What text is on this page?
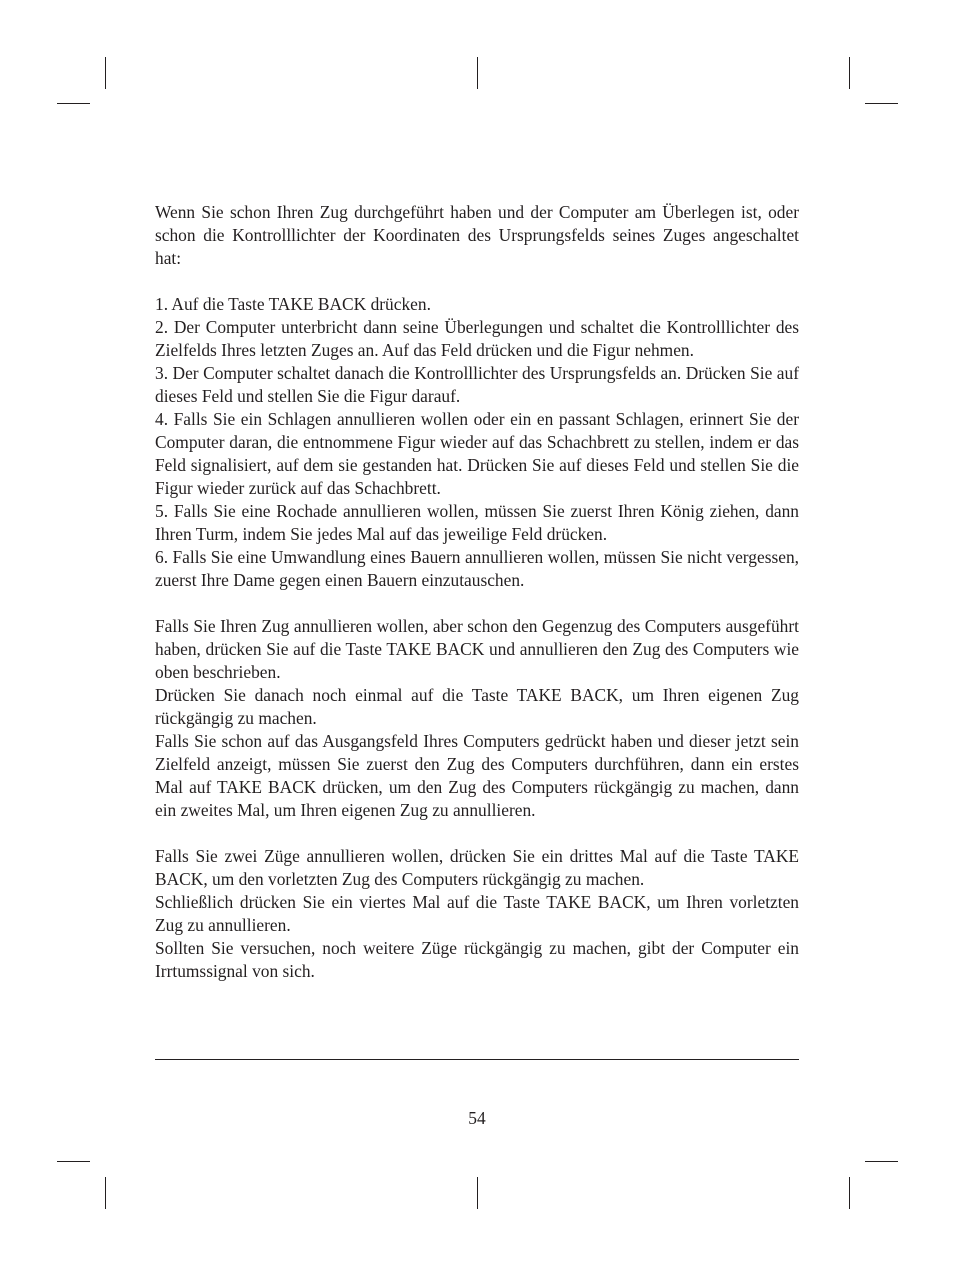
Wenn Sie schon Ihren Zug durchgeführt haben und der Computer am Überlegen ist, oder schon die Kontrolllichter der Koordinaten des Ursprungsfelds seines Zuges angeschaltet hat:

1. Auf die Taste TAKE BACK drücken.

2. Der Computer unterbricht dann seine Überlegungen und schaltet die Kontrolllichter des Zielfelds Ihres letzten Zuges an. Auf das Feld drücken und die Figur nehmen.

3. Der Computer schaltet danach die Kontrolllichter des Ursprungsfelds an. Drücken Sie auf dieses Feld und stellen Sie die Figur darauf.

4. Falls Sie ein Schlagen annullieren wollen oder ein en passant Schlagen, erinnert Sie der Computer daran, die entnommene Figur wieder auf das Schachbrett zu stellen, indem er das Feld signalisiert, auf dem sie gestanden hat. Drücken Sie auf dieses Feld und stellen Sie die Figur wieder zurück auf das Schachbrett.

5. Falls Sie eine Rochade annullieren wollen, müssen Sie zuerst Ihren König ziehen, dann Ihren Turm, indem Sie jedes Mal auf das jeweilige Feld drücken.

6. Falls Sie eine Umwandlung eines Bauern annullieren wollen, müssen Sie nicht vergessen, zuerst Ihre Dame gegen einen Bauern einzutauschen.

Falls Sie Ihren Zug annullieren wollen, aber schon den Gegenzug des Computers ausgeführt haben, drücken Sie auf die Taste TAKE BACK und annullieren den Zug des Computers wie oben beschrieben.

Drücken Sie danach noch einmal auf die Taste TAKE BACK, um Ihren eigenen Zug rückgängig zu machen.

Falls Sie schon auf das Ausgangsfeld Ihres Computers gedrückt haben und dieser jetzt sein Zielfeld anzeigt, müssen Sie zuerst den Zug des Computers durchführen, dann ein erstes Mal auf TAKE BACK drücken, um den Zug des Computers rückgängig zu machen, dann ein zweites Mal, um Ihren eigenen Zug zu annullieren.

Falls Sie zwei Züge annullieren wollen, drücken Sie ein drittes Mal auf die Taste TAKE BACK, um den vorletzten Zug des Computers rückgängig zu machen.

Schließlich drücken Sie ein viertes Mal auf die Taste TAKE BACK, um Ihren vorletzten Zug zu annullieren.

Sollten Sie versuchen, noch weitere Züge rückgängig zu machen, gibt der Computer ein Irrtumssignal von sich.

54
